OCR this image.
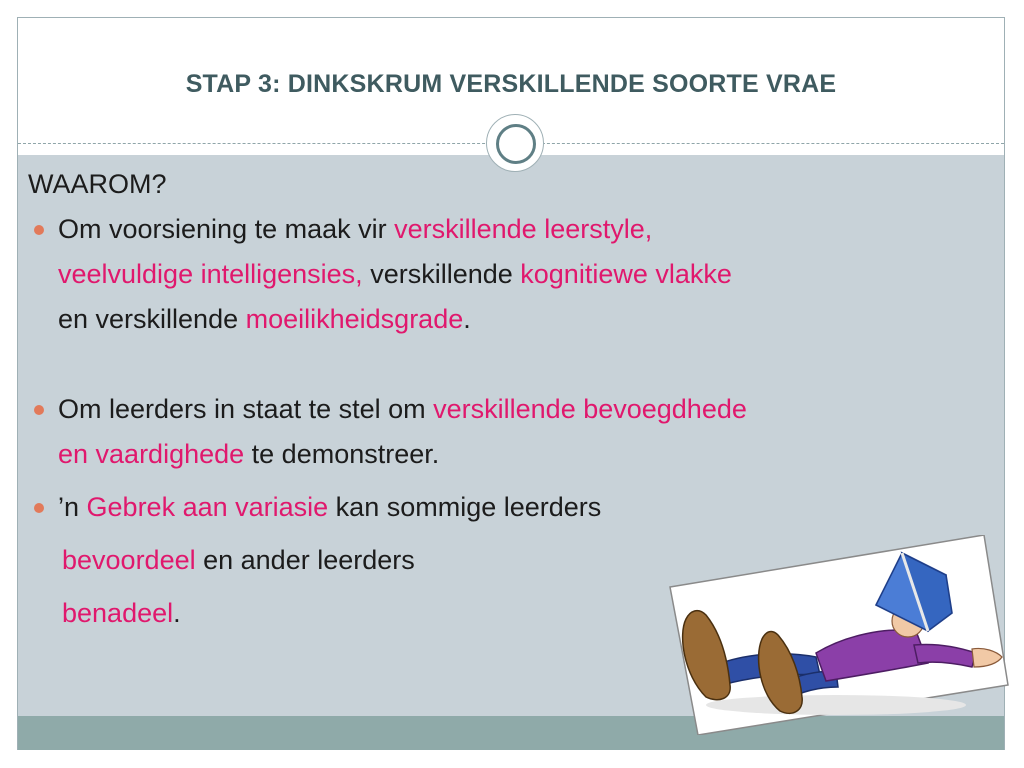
STAP 3: DINKSKRUM VERSKILLENDE SOORTE VRAE

WAAROM?

Om voorsiening te maak vir verskillende leerstyle,
veelvuldige intelligensies, verskillende kognitiewe vlakke
en verskillende moeilikheidsgrade.
Om leerders in staat te stel om verskillende bevoegdhede
en vaardighede te demonstreer.
’n Gebrek aan variasie kan sommige leerders

bevoordeel en ander leerders

benadeel.
